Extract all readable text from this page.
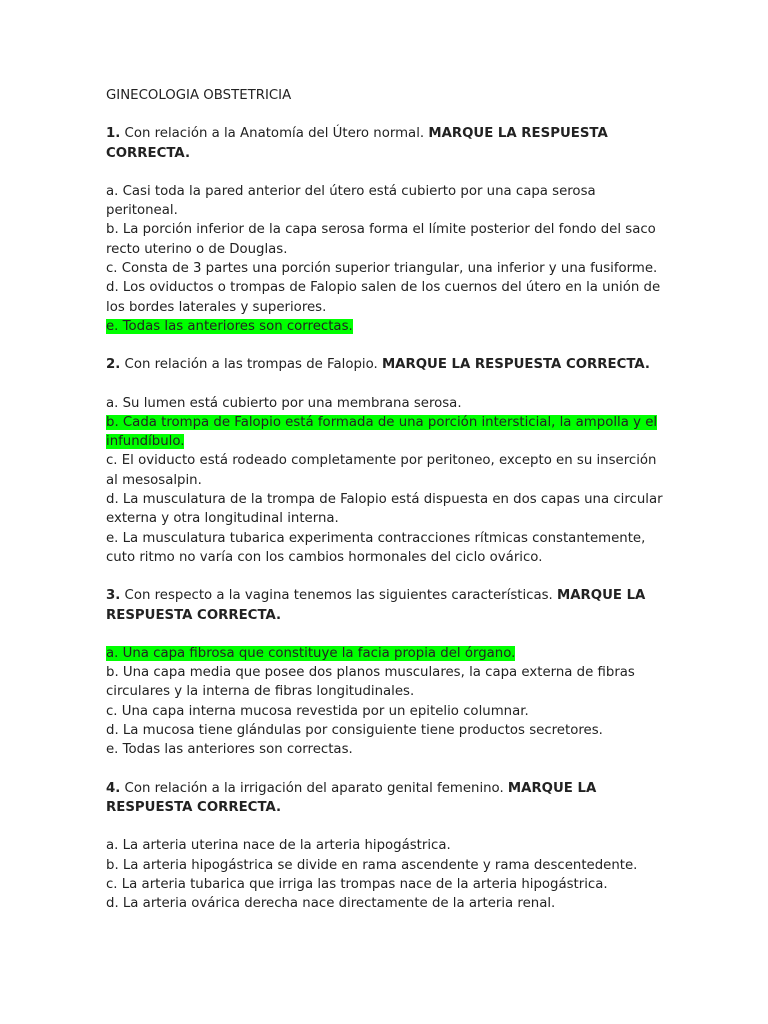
GINECOLOGIA OBSTETRICIA

1. Con relación a la Anatomía del Útero normal. MARQUE LA RESPUESTA CORRECTA.

a. Casi toda la pared anterior del útero está cubierto por una capa serosa peritoneal.
b. La porción inferior de la capa serosa forma el límite posterior del fondo del saco recto uterino o de Douglas.
c. Consta de 3 partes una porción superior triangular, una inferior y una fusiforme.
d. Los oviductos o trompas de Falopio salen de los cuernos del útero en la unión de los bordes laterales y superiores.
e. Todas las anteriores son correctas.

2. Con relación a las trompas de Falopio. MARQUE LA RESPUESTA CORRECTA.

a. Su lumen está cubierto por una membrana serosa.
b. Cada trompa de Falopio está formada de una porción intersticial, la ampolla y el infundíbulo.
c. El oviducto está rodeado completamente por peritoneo, excepto en su inserción al mesosalpin.
d. La musculatura de la trompa de Falopio está dispuesta en dos capas una circular externa y otra longitudinal interna.
e. La musculatura tubarica experimenta contracciones rítmicas constantemente, cuto ritmo no varía con los cambios hormonales del ciclo ovárico.

3. Con respecto a la vagina tenemos las siguientes características. MARQUE LA RESPUESTA CORRECTA.

a. Una capa fibrosa que constituye la facia propia del órgano.
b. Una capa media que posee dos planos musculares, la capa externa de fibras circulares y la interna de fibras longitudinales.
c. Una capa interna mucosa revestida por un epitelio columnar.
d. La mucosa tiene glándulas por consiguiente tiene productos secretores.
e. Todas las anteriores son correctas.

4. Con relación a la irrigación del aparato genital femenino. MARQUE LA RESPUESTA CORRECTA.

a. La arteria uterina nace de la arteria hipogástrica.
b. La arteria hipogástrica se divide en rama ascendente y rama descentedente.
c. La arteria tubarica que irriga las trompas nace de la arteria hipogástrica.
d. La arteria ovárica derecha nace directamente de la arteria renal.
